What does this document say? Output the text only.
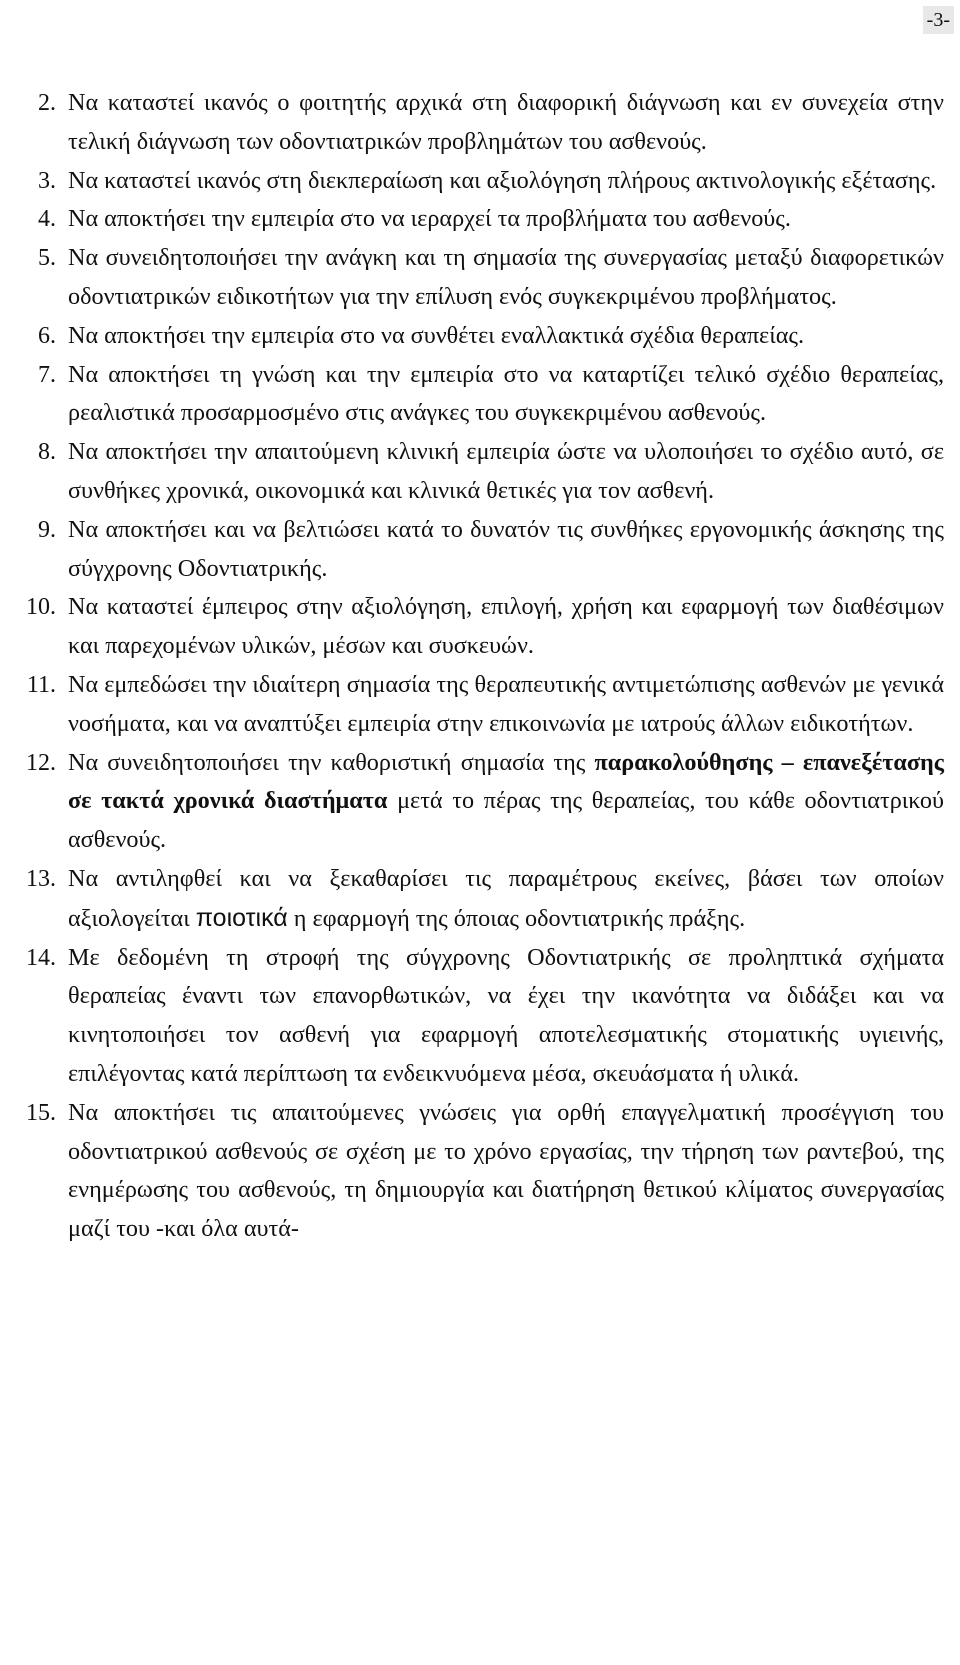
-3-
2. Να καταστεί ικανός ο φοιτητής αρχικά στη διαφορική διάγνωση και εν συνεχεία στην τελική διάγνωση των οδοντιατρικών προβλημάτων του ασθενούς.
3. Να καταστεί ικανός στη διεκπεραίωση και αξιολόγηση πλήρους ακτινολογικής εξέτασης.
4. Να αποκτήσει την εμπειρία στο να ιεραρχεί τα προβλήματα του ασθενούς.
5. Να συνειδητοποιήσει την ανάγκη και τη σημασία της συνεργασίας μεταξύ διαφορετικών οδοντιατρικών ειδικοτήτων για την επίλυση ενός συγκεκριμένου προβλήματος.
6. Να αποκτήσει την εμπειρία στο να συνθέτει εναλλακτικά σχέδια θεραπείας.
7. Να αποκτήσει τη γνώση και την εμπειρία στο να καταρτίζει τελικό σχέδιο θεραπείας, ρεαλιστικά προσαρμοσμένο στις ανάγκες του συγκεκριμένου ασθενούς.
8. Να αποκτήσει την απαιτούμενη κλινική εμπειρία ώστε να υλοποιήσει το σχέδιο αυτό, σε συνθήκες χρονικά, οικονομικά και κλινικά θετικές για τον ασθενή.
9. Να αποκτήσει και να βελτιώσει κατά το δυνατόν τις συνθήκες εργονομικής άσκησης της σύγχρονης Οδοντιατρικής.
10. Να καταστεί έμπειρος στην αξιολόγηση, επιλογή, χρήση και εφαρμογή των διαθέσιμων και παρεχομένων υλικών, μέσων και συσκευών.
11. Να εμπεδώσει την ιδιαίτερη σημασία της θεραπευτικής αντιμετώπισης ασθενών με γενικά νοσήματα, και να αναπτύξει εμπειρία στην επικοινωνία με ιατρούς άλλων ειδικοτήτων.
12. Να συνειδητοποιήσει την καθοριστική σημασία της παρακολούθησης – επανεξέτασης σε τακτά χρονικά διαστήματα μετά το πέρας της θεραπείας, του κάθε οδοντιατρικού ασθενούς.
13. Να αντιληφθεί και να ξεκαθαρίσει τις παραμέτρους εκείνες, βάσει των οποίων αξιολογείται ποιοτικά η εφαρμογή της όποιας οδοντιατρικής πράξης.
14. Με δεδομένη τη στροφή της σύγχρονης Οδοντιατρικής σε προληπτικά σχήματα θεραπείας έναντι των επανορθωτικών, να έχει την ικανότητα να διδάξει και να κινητοποιήσει τον ασθενή για εφαρμογή αποτελεσματικής στοματικής υγιεινής, επιλέγοντας κατά περίπτωση τα ενδεικνυόμενα μέσα, σκευάσματα ή υλικά.
15. Να αποκτήσει τις απαιτούμενες γνώσεις για ορθή επαγγελματική προσέγγιση του οδοντιατρικού ασθενούς σε σχέση με το χρόνο εργασίας, την τήρηση των ραντεβού, της ενημέρωσης του ασθενούς, τη δημιουργία και διατήρηση θετικού κλίματος συνεργασίας μαζί του -και όλα αυτά-
